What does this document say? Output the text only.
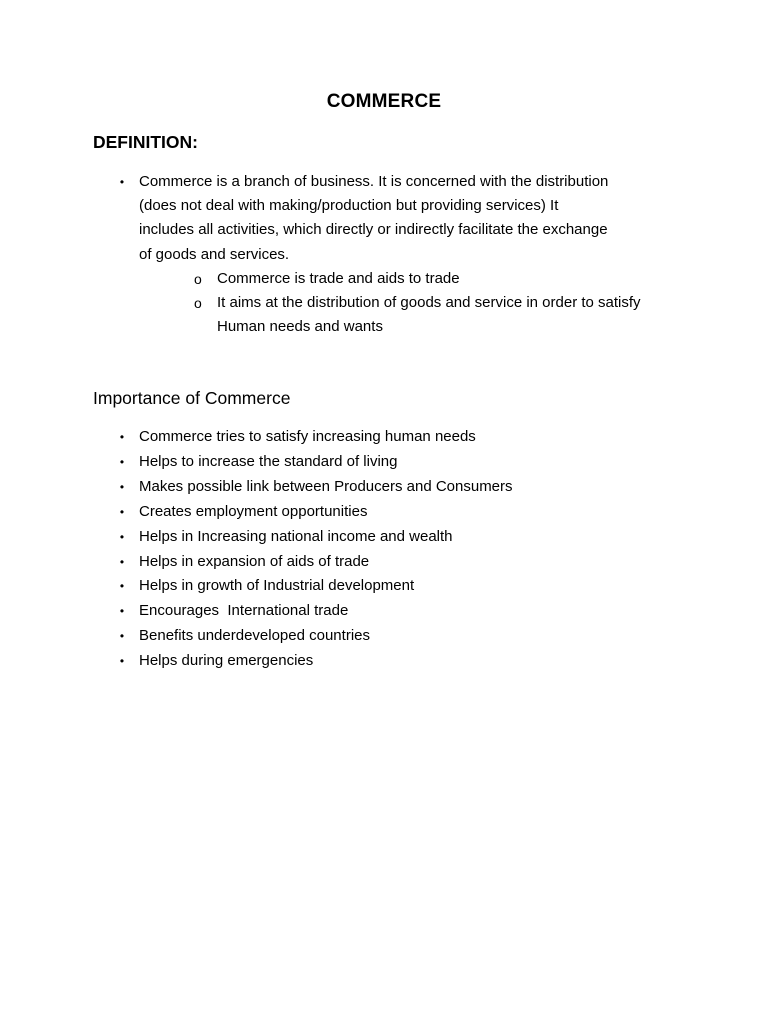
COMMERCE
DEFINITION:
• Commerce is a branch of business. It is concerned with the distribution
(does not deal with making/production but providing services) It
includes all activities, which directly or indirectly facilitate the exchange
of goods and services.
o Commerce is trade and aids to trade
o It aims at the distribution of goods and service in order to satisfy
Human needs and wants
Importance of Commerce
• Commerce tries to satisfy increasing human needs
• Helps to increase the standard of living
• Makes possible link between Producers and Consumers
• Creates employment opportunities
• Helps in Increasing national income and wealth
• Helps in expansion of aids of trade
• Helps in growth of Industrial development
• Encourages  International trade
• Benefits underdeveloped countries
• Helps during emergencies
